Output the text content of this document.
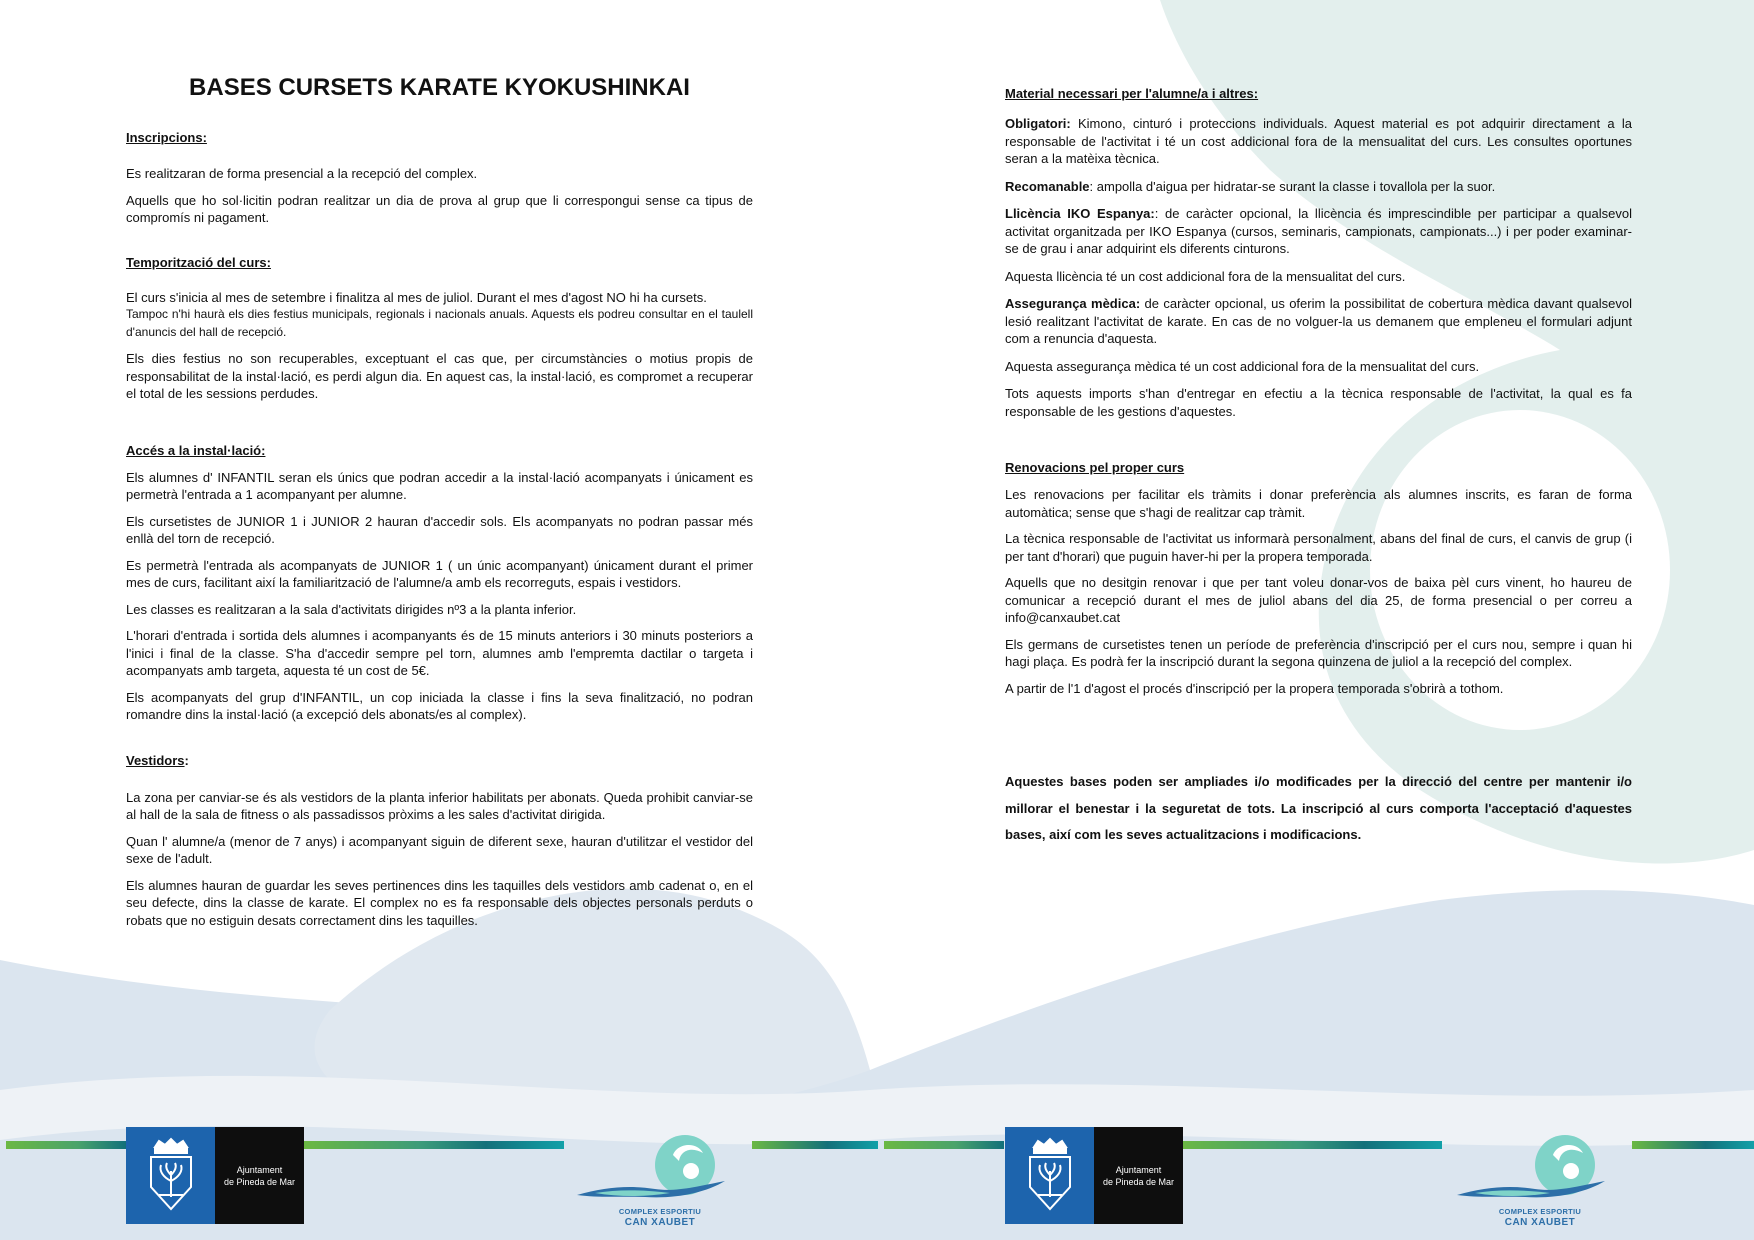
BASES CURSETS KARATE KYOKUSHINKAI
Inscripcions:

Es realitzaran de forma presencial a la recepció del complex.

Aquells que ho sol·licitin podran realitzar un dia de prova al grup que li correspongui sense ca tipus de compromís ni pagament.

Temporització del curs:

El curs s'inicia al mes de setembre i finalitza al mes de juliol. Durant el mes d'agost NO hi ha cursets.

Tampoc n'hi haurà els dies festius municipals, regionals i nacionals anuals. Aquests els podreu consultar en el taulell d'anuncis del hall de recepció.

Els dies festius no son recuperables, exceptuant el cas que, per circumstàncies o motius propis de responsabilitat de la instal·lació, es perdi algun dia. En aquest cas, la instal·lació, es compromet a recuperar el total de les sessions perdudes.

Accés a la instal·lació:

Els alumnes d' INFANTIL seran els únics que podran accedir a la instal·lació acompanyats i únicament es permetrà l'entrada a 1 acompanyant per alumne.

Els cursetistes de JUNIOR 1 i JUNIOR 2 hauran d'accedir sols. Els acompanyats no podran passar més enllà del torn de recepció.

Es permetrà l'entrada als acompanyats de JUNIOR 1 ( un únic acompanyant) únicament durant el primer mes de curs, facilitant així la familiarització de l'alumne/a amb els recorreguts, espais i vestidors.

Les classes es realitzaran a la sala d'activitats dirigides nº3 a la planta inferior.

L'horari d'entrada i sortida dels alumnes i acompanyants és de 15 minuts anteriors i 30 minuts posteriors a l'inici i final de la classe. S'ha d'accedir sempre pel torn, alumnes amb l'empremta dactilar o targeta i acompanyats amb targeta, aquesta té un cost de 5€.

Els acompanyats del grup d'INFANTIL, un cop iniciada la classe i fins la seva finalització, no podran romandre dins la instal·lació (a excepció dels abonats/es al complex).

Vestidors:

La zona per canviar-se és als vestidors de la planta inferior habilitats per abonats. Queda prohibit canviar-se al hall de la sala de fitness o als passadissos pròxims a les sales d'activitat dirigida.

Quan l' alumne/a (menor de 7 anys) i acompanyant siguin de diferent sexe, hauran d'utilitzar el vestidor del sexe de l'adult.

Els alumnes hauran de guardar les seves pertinences dins les taquilles dels vestidors amb cadenat o, en el seu defecte, dins la classe de karate. El complex no es fa responsable dels objectes personals perduts o robats que no estiguin desats correctament dins les taquilles.

Material necessari per l'alumne/a i altres:

Obligatori: Kimono, cinturó i proteccions individuals. Aquest material es pot adquirir directament a la responsable de l'activitat i té un cost addicional fora de la mensualitat del curs. Les consultes oportunes seran a la matèixa tècnica.

Recomanable: ampolla d'aigua per hidratar-se surant la classe i tovallola per la suor.

Llicència IKO Espanya:: de caràcter opcional, la llicència és imprescindible per participar a qualsevol activitat organitzada per IKO Espanya (cursos, seminaris, campionats, campionats...) i per poder examinar-se de grau i anar adquirint els diferents cinturons.

Aquesta llicència té un cost addicional fora de la mensualitat del curs.

Assegurança mèdica: de caràcter opcional, us oferim la possibilitat de cobertura mèdica davant qualsevol lesió realitzant l'activitat de karate. En cas de no volguer-la us demanem que empleneu el formulari adjunt com a renuncia d'aquesta.

Aquesta assegurança mèdica té un cost addicional fora de la mensualitat del curs.

Tots aquests imports s'han d'entregar en efectiu a la tècnica responsable de l'activitat, la qual es fa responsable de les gestions d'aquestes.

Renovacions pel proper curs

Les renovacions per facilitar els tràmits i donar preferència als alumnes inscrits, es faran de forma automàtica; sense que s'hagi de realitzar cap tràmit.

La tècnica responsable de l'activitat us informarà personalment, abans del final de curs, el canvis de grup (i per tant d'horari) que puguin haver-hi per la propera temporada.

Aquells que no desitgin renovar i que per tant voleu donar-vos de baixa pèl curs vinent, ho haureu de comunicar a recepció durant el mes de juliol abans del dia 25, de forma presencial o per correu a info@canxaubet.cat

Els germans de cursetistes tenen un període de preferència d'inscripció per el curs nou, sempre i quan hi hagi plaça. Es podrà fer la inscripció durant la segona quinzena de juliol a la recepció del complex.

A partir de l'1 d'agost el procés d'inscripció per la propera temporada s'obrirà a tothom.

Aquestes bases poden ser ampliades i/o modificades per la direcció del centre per mantenir i/o millorar el benestar i la seguretat de tots. La inscripció al curs comporta l'acceptació d'aquestes bases, així com les seves actualitzacions i modificacions.

Ajuntament
de Pineda de Mar
Ajuntament
de Pineda de Mar
COMPLEX ESPORTIU
CAN XAUBET
COMPLEX ESPORTIU
CAN XAUBET
